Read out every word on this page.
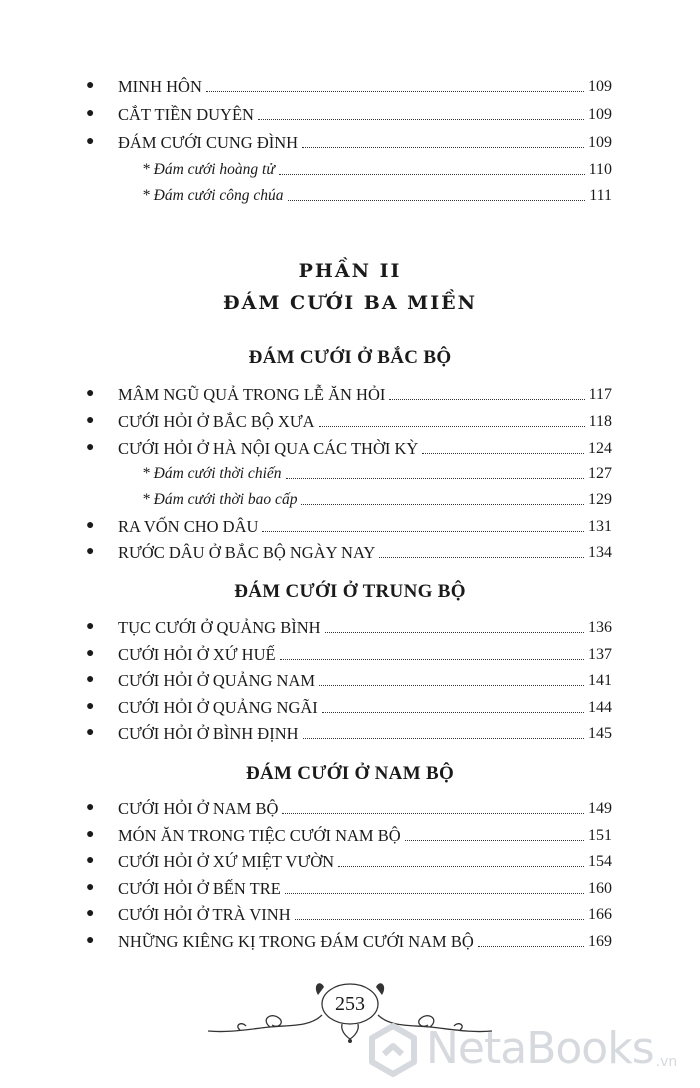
●	MINH HÔN	109
●	CẮT TIỀN DUYÊN	109
●	ĐÁM CƯỚI CUNG ĐÌNH	109
* Đám cưới hoàng tử	110
* Đám cưới công chúa	111
PHẦN II
ĐÁM CƯỚI BA MIỀN
ĐÁM CƯỚI Ở BẮC BỘ
●	MÂM NGŨ QUẢ TRONG LỄ ĂN HỎI	117
●	CƯỚI HỎI Ở BẮC BỘ XƯA	118
●	CƯỚI HỎI Ở HÀ NỘI QUA CÁC THỜI KỲ	124
* Đám cưới thời chiến	127
* Đám cưới thời bao cấp	129
●	RA VỐN CHO DÂU	131
●	RƯỚC DÂU Ở BẮC BỘ NGÀY NAY	134
ĐÁM CƯỚI Ở TRUNG BỘ
●	TỤC CƯỚI Ở QUẢNG BÌNH	136
●	CƯỚI HỎI Ở XỨ HUẾ	137
●	CƯỚI HỎI Ở QUẢNG NAM	141
●	CƯỚI HỎI Ở QUẢNG NGÃI	144
●	CƯỚI HỎI Ở BÌNH ĐỊNH	145
ĐÁM CƯỚI Ở NAM BỘ
●	CƯỚI HỎI Ở NAM BỘ	149
●	MÓN ĂN TRONG TIỆC CƯỚI NAM BỘ	151
●	CƯỚI HỎI Ở XỨ MIỆT VƯỜN	154
●	CƯỚI HỎI Ở BẾN TRE	160
●	CƯỚI HỎI Ở TRÀ VINH	166
●	NHỮNG KIÊNG KỊ TRONG ĐÁM CƯỚI NAM BỘ	169
253
NetaBooks .vn
